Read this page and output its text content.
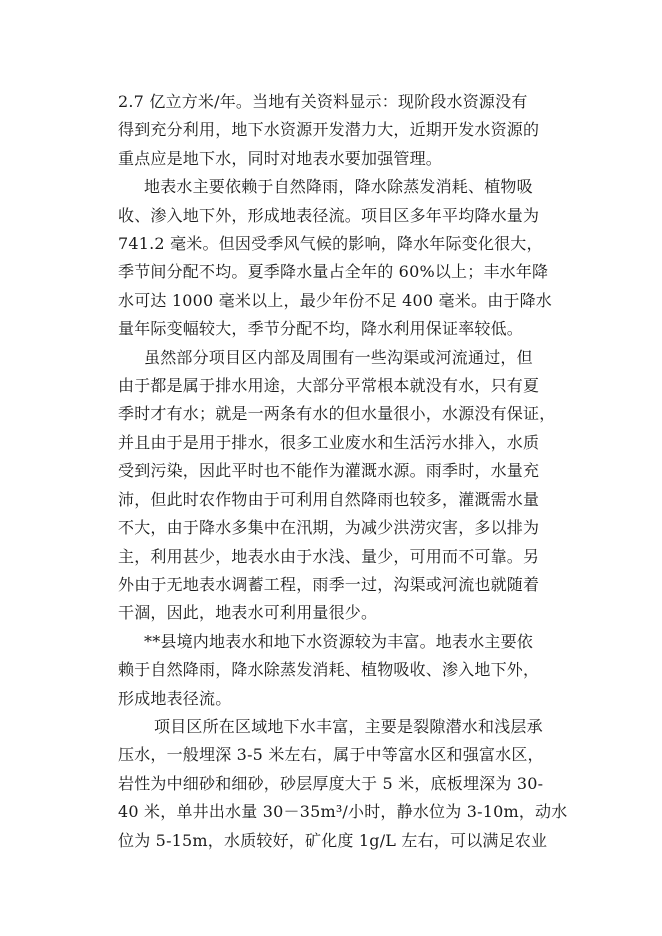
2.7 亿立方米/年。当地有关资料显示：现阶段水资源没有
得到充分利用，地下水资源开发潜力大，近期开发水资源的
重点应是地下水，同时对地表水要加强管理。

地表水主要依赖于自然降雨，降水除蒸发消耗、植物吸
收、渗入地下外，形成地表径流。项目区多年平均降水量为
741.2 毫米。但因受季风气候的影响，降水年际变化很大，
季节间分配不均。夏季降水量占全年的 60%以上；丰水年降
水可达 1000 毫米以上，最少年份不足 400 毫米。由于降水
量年际变幅较大，季节分配不均，降水利用保证率较低。

虽然部分项目区内部及周围有一些沟渠或河流通过，但
由于都是属于排水用途，大部分平常根本就没有水，只有夏
季时才有水；就是一两条有水的但水量很小，水源没有保证，
并且由于是用于排水，很多工业废水和生活污水排入，水质
受到污染，因此平时也不能作为灌溉水源。雨季时，水量充
沛，但此时农作物由于可利用自然降雨也较多，灌溉需水量
不大，由于降水多集中在汛期，为减少洪涝灾害，多以排为
主，利用甚少，地表水由于水浅、量少，可用而不可靠。另
外由于无地表水调蓄工程，雨季一过，沟渠或河流也就随着
干涸，因此，地表水可利用量很少。

**县境内地表水和地下水资源较为丰富。地表水主要依
赖于自然降雨，降水除蒸发消耗、植物吸收、渗入地下外，
形成地表径流。

项目区所在区域地下水丰富，主要是裂隙潜水和浅层承
压水，一般埋深 3-5 米左右，属于中等富水区和强富水区，
岩性为中细砂和细砂，砂层厚度大于 5 米，底板埋深为 30-
40 米，单井出水量 30－35m³/小时，静水位为 3-10m，动水
位为 5-15m，水质较好，矿化度 1g/L 左右，可以满足农业
